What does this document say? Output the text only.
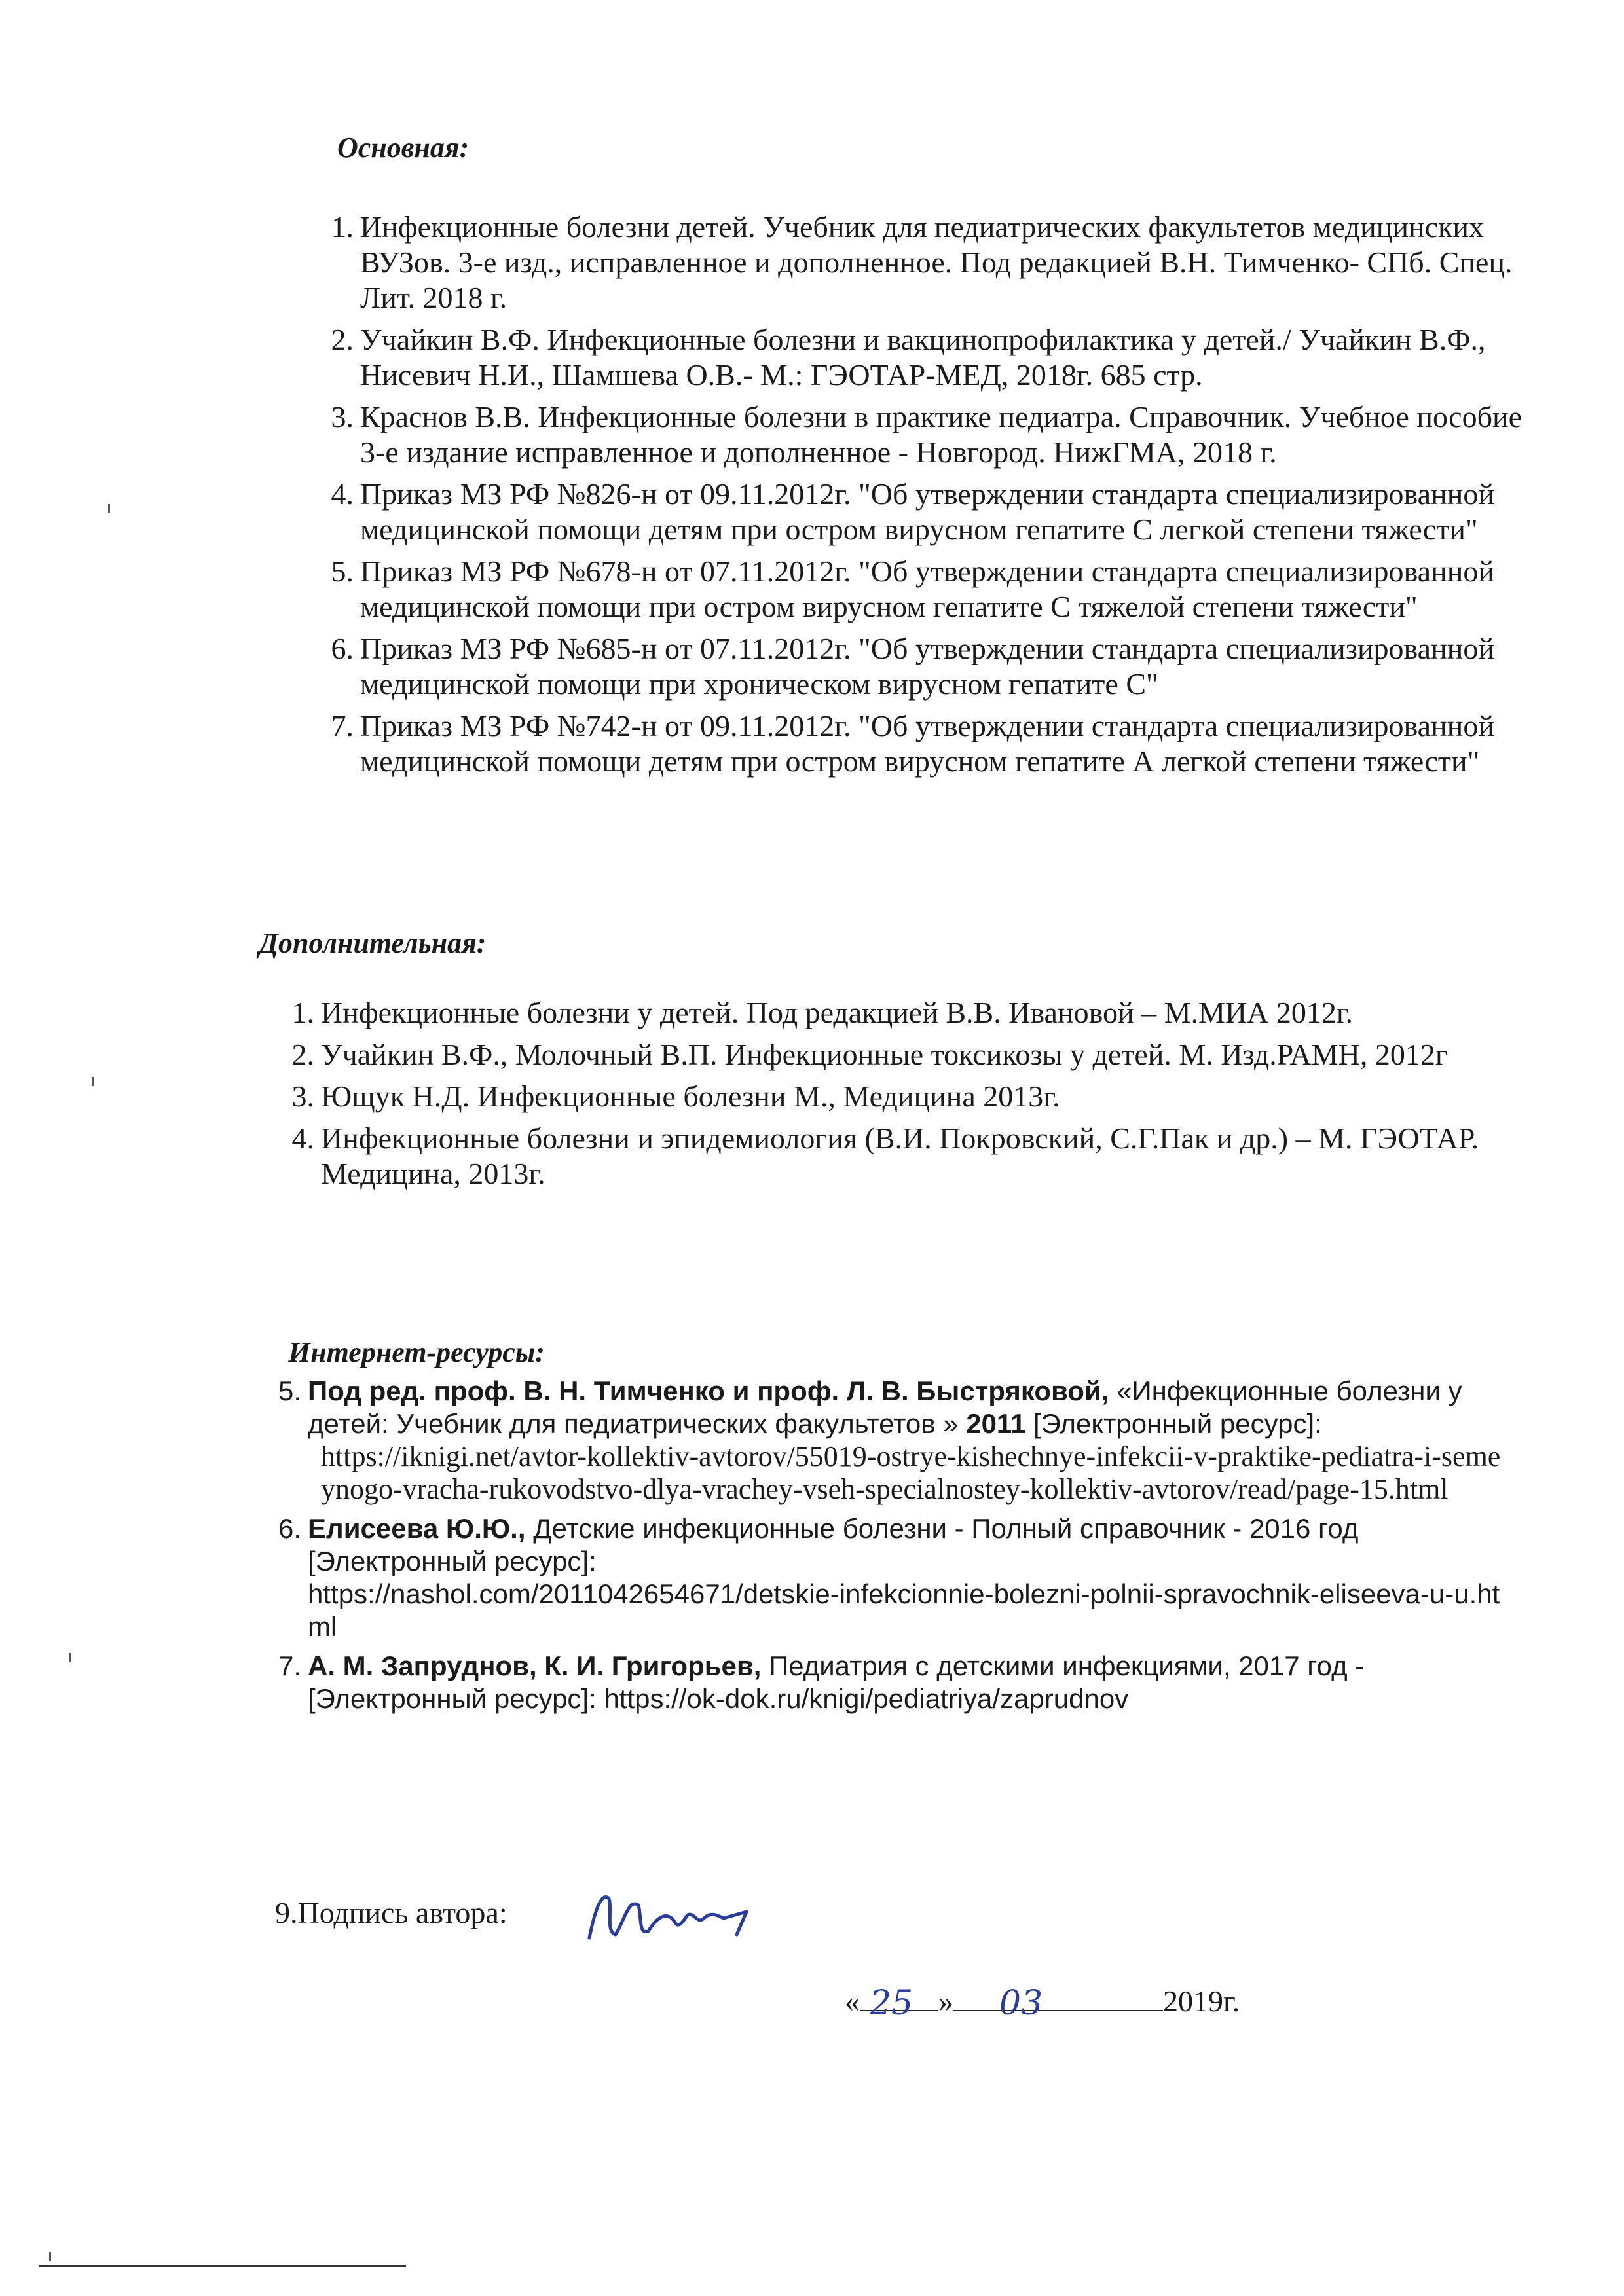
Основная:
1. Инфекционные болезни детей. Учебник для педиатрических факультетов медицинских ВУЗов. 3-е изд., исправленное и дополненное. Под редакцией В.Н. Тимченко- СПб. Спец. Лит. 2018 г.
2. Учайкин В.Ф. Инфекционные болезни и вакцинопрофилактика у детей./ Учайкин В.Ф., Нисевич Н.И., Шамшева О.В.- М.: ГЭОТАР-МЕД, 2018г. 685 стр.
3. Краснов В.В. Инфекционные болезни в практике педиатра. Справочник. Учебное пособие 3-е издание исправленное и дополненное - Новгород. НижГМА, 2018 г.
4. Приказ МЗ РФ №826-н от 09.11.2012г. "Об утверждении стандарта специализированной медицинской помощи детям при остром вирусном гепатите С легкой степени тяжести"
5. Приказ МЗ РФ №678-н от 07.11.2012г. "Об утверждении стандарта специализированной медицинской помощи при остром вирусном гепатите С тяжелой степени тяжести"
6. Приказ МЗ РФ №685-н от 07.11.2012г. "Об утверждении стандарта специализированной медицинской помощи при хроническом вирусном гепатите С"
7. Приказ МЗ РФ №742-н от 09.11.2012г. "Об утверждении стандарта специализированной медицинской помощи детям при остром вирусном гепатите А легкой степени тяжести"
Дополнительная:
1. Инфекционные болезни у детей. Под редакцией В.В. Ивановой – М.МИА 2012г.
2. Учайкин В.Ф., Молочный В.П. Инфекционные токсикозы у детей. М. Изд.РАМН, 2012г
3. Ющук Н.Д. Инфекционные болезни М., Медицина 2013г.
4. Инфекционные болезни и эпидемиология (В.И. Покровский, С.Г.Пак и др.) – М. ГЭОТАР. Медицина, 2013г.
Интернет-ресурсы:
5. Под ред. проф. В. Н. Тимченко и проф. Л. В. Быстряковой, «Инфекционные болезни у детей: Учебник для педиатрических факультетов » 2011 [Электронный ресурс]:
https://iknigi.net/avtor-kollektiv-avtorov/55019-ostrye-kishechnye-infekcii-v-praktike-pediatra-i-semeynogo-vracha-rukovodstvo-dlya-vrachey-vseh-specialnostey-kollektiv-avtorov/read/page-15.html
6. Елисеева Ю.Ю., Детские инфекционные болезни - Полный справочник - 2016 год [Электронный ресурс]:
https://nashol.com/2011042654671/detskie-infekcionnie-bolezni-polnii-spravochnik-eliseeva-u-u.html
7. А. М. Запруднов, К. И. Григорьев, Педиатрия с детскими инфекциями, 2017 год - [Электронный ресурс]: https://ok-dok.ru/knigi/pediatriya/zaprudnov
9.Подпись автора:
« 25 » 03	2019г.
